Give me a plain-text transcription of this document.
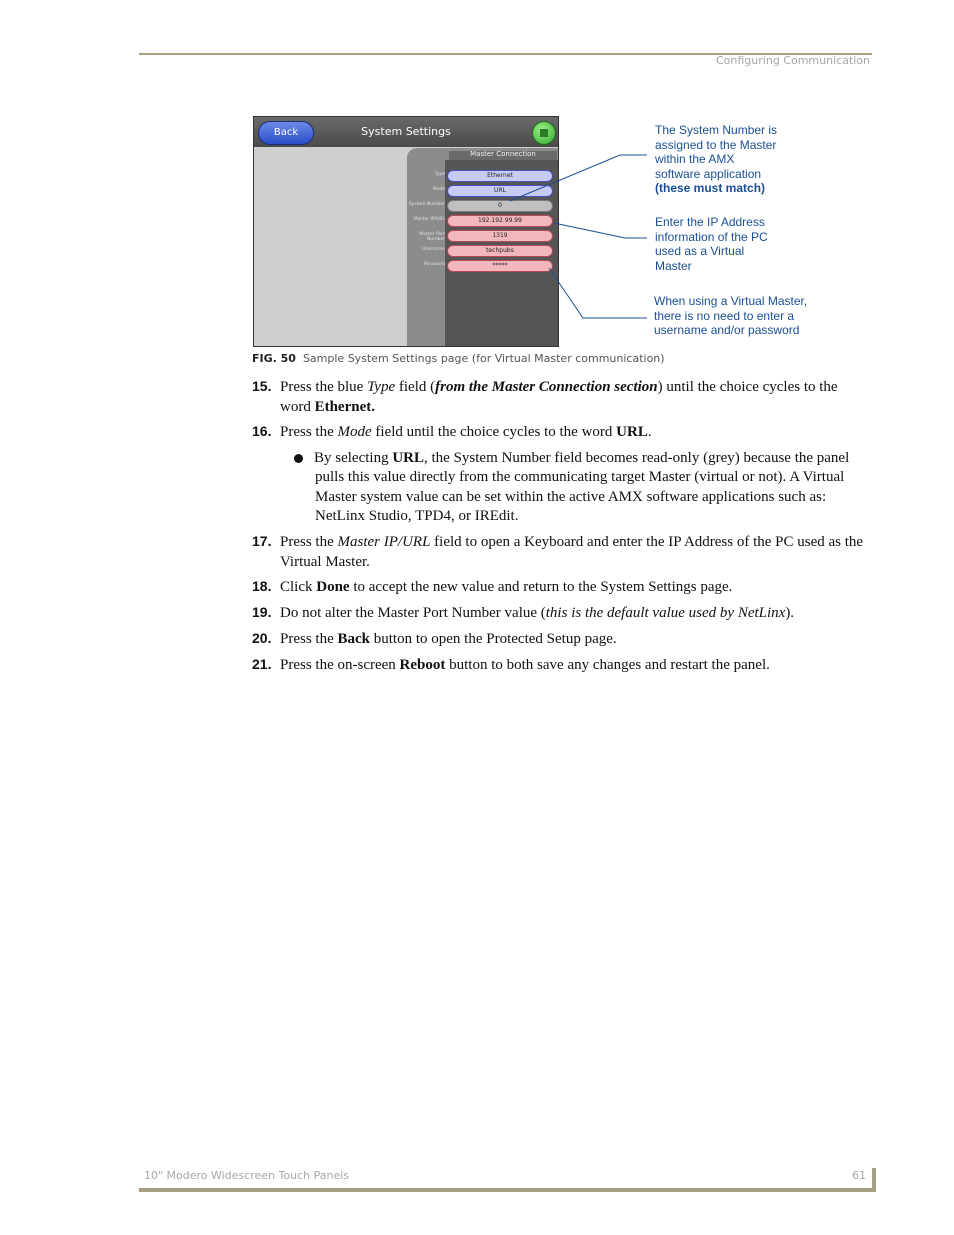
Configuring Communication
Back	System Settings
Master Connection
Ethernet
URL
0
192.192.99.99
1319
techpubs
*****
Type
Mode
System Number
Master IP/URL
Master Port Number
Username
Password
The System Number is
assigned to the Master
within the AMX
software application
(these must match)
Enter the IP Address
information of the PC
used as a Virtual
Master
When using a Virtual Master,
there is no need to enter a
username and/or password
FIG. 50 Sample System Settings page (for Virtual Master communication)
15. Press the blue Type field (from the Master Connection section) until the choice cycles to the word Ethernet.
16. Press the Mode field until the choice cycles to the word URL.
17. Press the Master IP/URL field to open a Keyboard and enter the IP Address of the PC used as the Virtual Master.
18. Click Done to accept the new value and return to the System Settings page.
19. Do not alter the Master Port Number value (this is the default value used by NetLinx).
20. Press the Back button to open the Protected Setup page.
21. Press the on-screen Reboot button to both save any changes and restart the panel.
By selecting URL, the System Number field becomes read-only (grey) because the panel pulls this value directly from the communicating target Master (virtual or not). A Virtual Master system value can be set within the active AMX software applications such as: NetLinx Studio, TPD4, or IREdit.
10" Modero Widescreen Touch Panels	61
